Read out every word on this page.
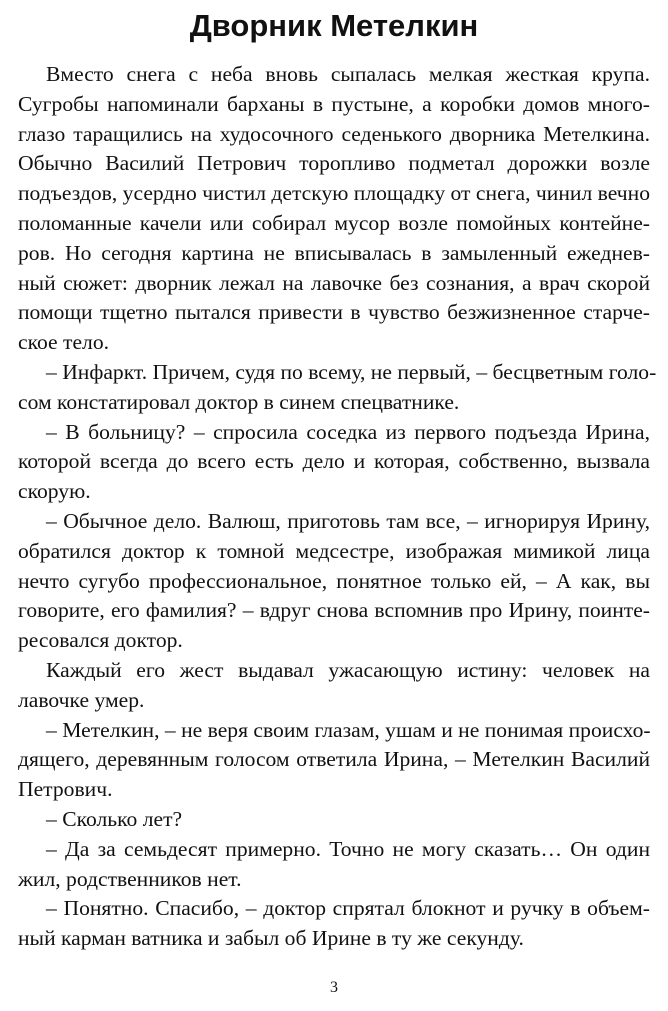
Дворник Метелкин
Вместо снега с неба вновь сыпалась мелкая жесткая крупа.
Сугробы напоминали барханы в пустыне, а коробки домов много-
глазо таращились на худосочного седенького дворника Метелкина.
Обычно Василий Петрович торопливо подметал дорожки возле
подъездов, усердно чистил детскую площадку от снега, чинил вечно
поломанные качели или собирал мусор возле помойных контейне-
ров. Но сегодня картина не вписывалась в замыленный ежеднев-
ный сюжет: дворник лежал на лавочке без сознания, а врач скорой
помощи тщетно пытался привести в чувство безжизненное старче-
ское тело.
– Инфаркт. Причем, судя по всему, не первый, – бесцветным голо-
сом констатировал доктор в синем спецватнике.
– В больницу? – спросила соседка из первого подъезда Ирина,
которой всегда до всего есть дело и которая, собственно, вызвала
скорую.
– Обычное дело. Валюш, приготовь там все, – игнорируя Ирину,
обратился доктор к томной медсестре, изображая мимикой лица
нечто сугубо профессиональное, понятное только ей, – А как, вы
говорите, его фамилия? – вдруг снова вспомнив про Ирину, поинте-
ресовался доктор.
Каждый его жест выдавал ужасающую истину: человек на
лавочке умер.
– Метелкин, – не веря своим глазам, ушам и не понимая происхо-
дящего, деревянным голосом ответила Ирина, – Метелкин Василий
Петрович.
– Сколько лет?
– Да за семьдесят примерно. Точно не могу сказать… Он один
жил, родственников нет.
– Понятно. Спасибо, – доктор спрятал блокнот и ручку в объем-
ный карман ватника и забыл об Ирине в ту же секунду.
3
